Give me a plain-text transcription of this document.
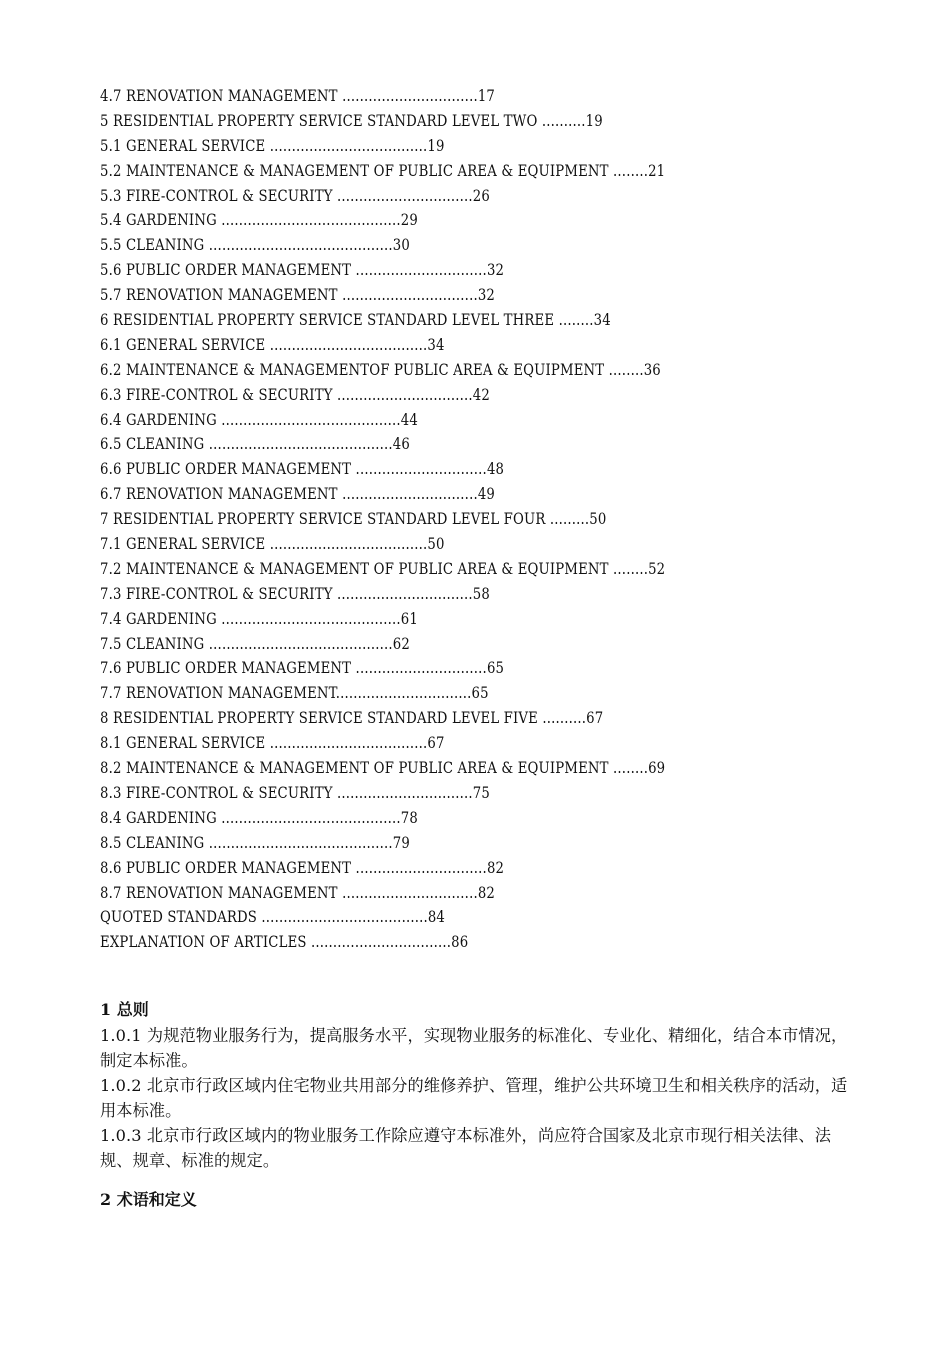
4.7 RENOVATION MANAGEMENT ...............................17
5 RESIDENTIAL PROPERTY SERVICE STANDARD LEVEL TWO ..........19
5.1 GENERAL SERVICE ....................................19
5.2 MAINTENANCE & MANAGEMENT OF PUBLIC AREA & EQUIPMENT ........21
5.3 FIRE-CONTROL & SECURITY ...............................26
5.4 GARDENING .........................................29
5.5 CLEANING ..........................................30
5.6 PUBLIC ORDER MANAGEMENT ..............................32
5.7 RENOVATION MANAGEMENT ...............................32
6 RESIDENTIAL PROPERTY SERVICE STANDARD LEVEL THREE ........34
6.1 GENERAL SERVICE ....................................34
6.2 MAINTENANCE & MANAGEMENTOF PUBLIC AREA & EQUIPMENT ........36
6.3 FIRE-CONTROL & SECURITY ...............................42
6.4 GARDENING .........................................44
6.5 CLEANING ..........................................46
6.6 PUBLIC ORDER MANAGEMENT ..............................48
6.7 RENOVATION MANAGEMENT ...............................49
7 RESIDENTIAL PROPERTY SERVICE STANDARD LEVEL FOUR .........50
7.1 GENERAL SERVICE ....................................50
7.2 MAINTENANCE & MANAGEMENT OF PUBLIC AREA & EQUIPMENT ........52
7.3 FIRE-CONTROL & SECURITY ...............................58
7.4 GARDENING .........................................61
7.5 CLEANING ..........................................62
7.6 PUBLIC ORDER MANAGEMENT ..............................65
7.7 RENOVATION MANAGEMENT...............................65
8 RESIDENTIAL PROPERTY SERVICE STANDARD LEVEL FIVE ..........67
8.1 GENERAL SERVICE ....................................67
8.2 MAINTENANCE & MANAGEMENT OF PUBLIC AREA & EQUIPMENT ........69
8.3 FIRE-CONTROL & SECURITY ...............................75
8.4 GARDENING .........................................78
8.5 CLEANING ..........................................79
8.6 PUBLIC ORDER MANAGEMENT ..............................82
8.7 RENOVATION MANAGEMENT ...............................82
QUOTED STANDARDS ......................................84
EXPLANATION OF ARTICLES ................................86
1 总则
1.0.1 为规范物业服务行为，提高服务水平，实现物业服务的标准化、专业化、精细化，结合本市情况，制定本标准。
1.0.2 北京市行政区域内住宅物业共用部分的维修养护、管理，维护公共环境卫生和相关秩序的活动，适用本标准。
1.0.3 北京市行政区域内的物业服务工作除应遵守本标准外，尚应符合国家及北京市现行相关法律、法规、规章、标准的规定。
2 术语和定义
